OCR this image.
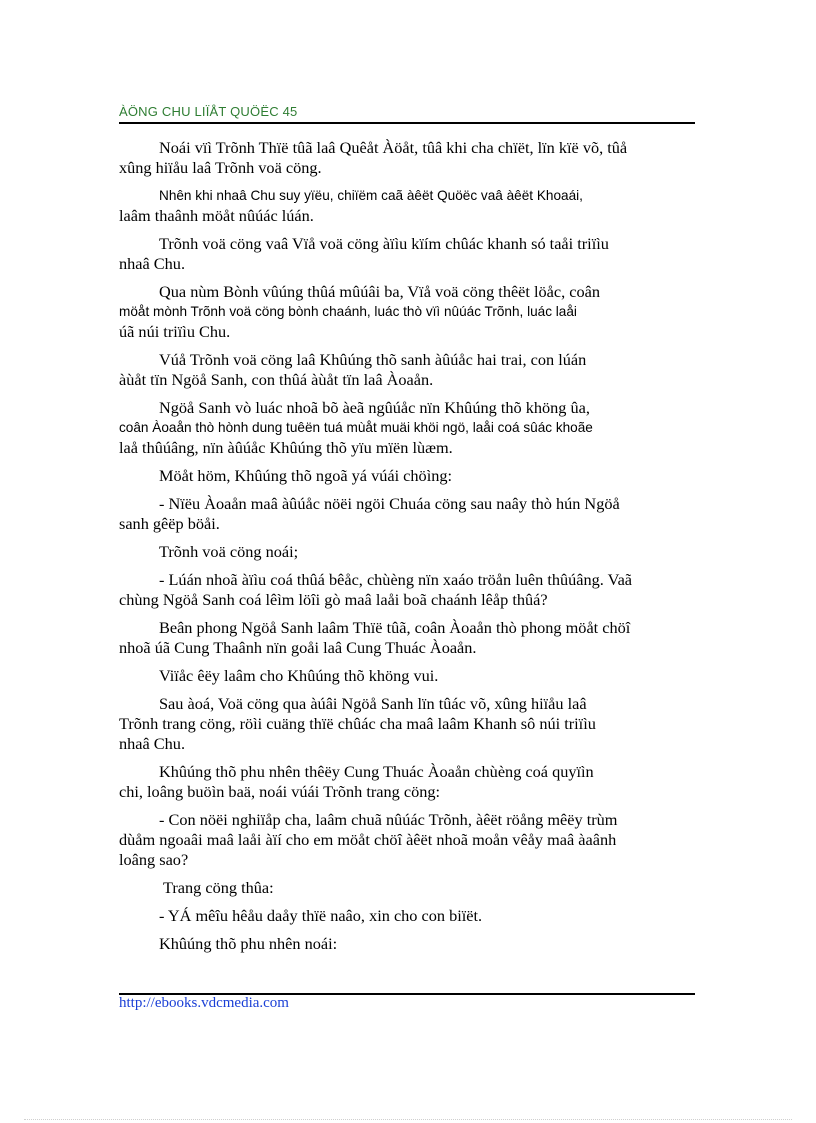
ÀÖNG CHU LIÏÅT QUÖËC 45

Noái vïì Trõnh Thïë tûã laâ Quêåt Àöåt, tûâ khi cha chïët, lïn kïë võ, tûå
xûng hiïåu laâ Trõnh voä cöng.

Nhên khi nhaâ Chu suy yïëu, chiïëm caã àêët Quöëc vaâ àêët Khoaái,
laâm thaânh möåt nûúác lúán.

Trõnh voä cöng vaâ Vïå voä cöng àïìu kïím chûác khanh só taåi triïìu
nhaâ Chu.

Qua nùm Bònh vûúng thûá mûúâi ba, Vïå voä cöng thêët löåc, coân
möåt mònh Trõnh voä cöng bònh chaánh, luác thò vïì nûúác Trõnh, luác laåi
úã núi triïìu Chu.

Vúå Trõnh voä cöng laâ Khûúng thõ sanh àûúåc hai trai, con lúán
àùåt tïn Ngöå Sanh, con thûá àùåt tïn laâ Àoaån.

Ngöå Sanh vò luác nhoã bõ àeã ngûúåc nïn Khûúng thõ khöng ûa,
coân Àoaån thò hònh dung tuêën tuá mùåt muäi khöi ngö, laåi coá sûác khoãe
laå thûúâng, nïn àûúåc Khûúng thõ yïu mïën lùæm.

Möåt höm, Khûúng thõ ngoã yá vúái chöìng:

- Nïëu Àoaån maâ àûúåc nöëi ngöi Chuáa cöng sau naây thò hún Ngöå
sanh gêëp böåi.

Trõnh voä cöng noái;

- Lúán nhoã àïìu coá thûá bêåc, chùèng nïn xaáo tröån luên thûúâng. Vaã
chùng Ngöå Sanh coá lêìm löîi gò maâ laåi boã chaánh lêåp thûá?

Beân phong Ngöå Sanh laâm Thïë tûã, coân Àoaån thò phong möåt chöî
nhoã úã Cung Thaânh nïn goåi laâ Cung Thuác Àoaån.

Viïåc êëy laâm cho Khûúng thõ khöng vui.

Sau àoá, Voä cöng qua àúâi Ngöå Sanh lïn tûác võ, xûng hiïåu laâ
Trõnh trang cöng, röìi cuäng thïë chûác cha maâ laâm Khanh sô núi triïìu
nhaâ Chu.

Khûúng thõ phu nhên thêëy Cung Thuác Àoaån chùèng coá quyïìn
chi, loâng buöìn baä, noái vúái Trõnh trang cöng:

- Con nöëi nghiïåp cha, laâm chuã nûúác Trõnh, àêët röång mêëy trùm
dùåm ngoaâi maâ laåi àïí cho em möåt chöî àêët nhoã moån vêåy maâ àaânh
loâng sao?

Trang cöng thûa:

- YÁ mêîu hêåu daåy thïë naâo, xin cho con biïët.

Khûúng thõ phu nhên noái:

http://ebooks.vdcmedia.com
